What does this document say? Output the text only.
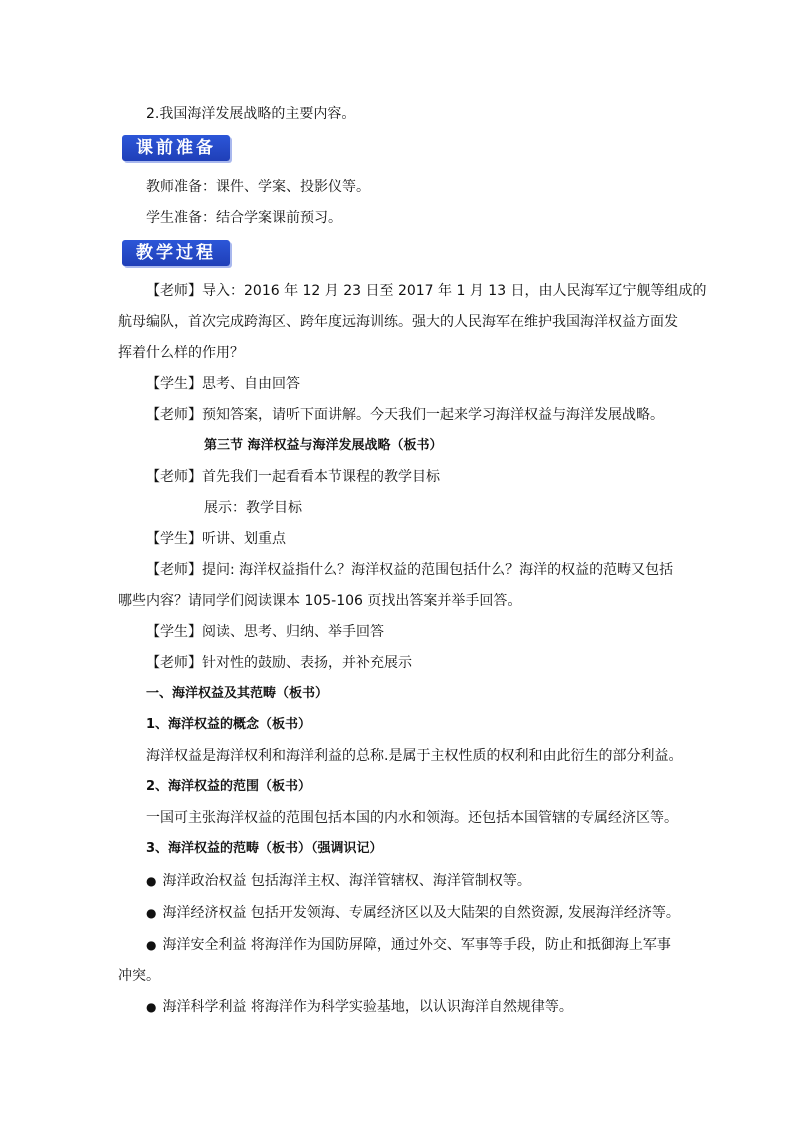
2.我国海洋发展战略的主要内容。
课前准备
教师准备：课件、学案、投影仪等。
学生准备：结合学案课前预习。
教学过程
【老师】导入：2016 年 12 月 23 日至 2017 年 1 月 13 日，由人民海军辽宁舰等组成的
航母编队，首次完成跨海区、跨年度远海训练。强大的人民海军在维护我国海洋权益方面发
挥着什么样的作用？
【学生】思考、自由回答
【老师】预知答案，请听下面讲解。今天我们一起来学习海洋权益与海洋发展战略。
第三节 海洋权益与海洋发展战略（板书）
【老师】首先我们一起看看本节课程的教学目标
展示：教学目标
【学生】听讲、划重点
【老师】提问: 海洋权益指什么？海洋权益的范围包括什么？海洋的权益的范畴又包括
哪些内容？请同学们阅读课本 105-106 页找出答案并举手回答。
【学生】阅读、思考、归纳、举手回答
【老师】针对性的鼓励、表扬，并补充展示
一、海洋权益及其范畴（板书）
1、海洋权益的概念（板书）
海洋权益是海洋权利和海洋利益的总称.是属于主权性质的权利和由此衍生的部分利益。
2、海洋权益的范围（板书）
一国可主张海洋权益的范围包括本国的内水和领海。还包括本国管辖的专属经济区等。
3、海洋权益的范畴（板书）（强调识记）
● 海洋政治权益 包括海洋主权、海洋管辖权、海洋管制权等。
● 海洋经济权益 包括开发领海、专属经济区以及大陆架的自然资源, 发展海洋经济等。
● 海洋安全利益 将海洋作为国防屏障，通过外交、军事等手段，防止和抵御海上军事
冲突。
● 海洋科学利益 将海洋作为科学实验基地，以认识海洋自然规律等。
